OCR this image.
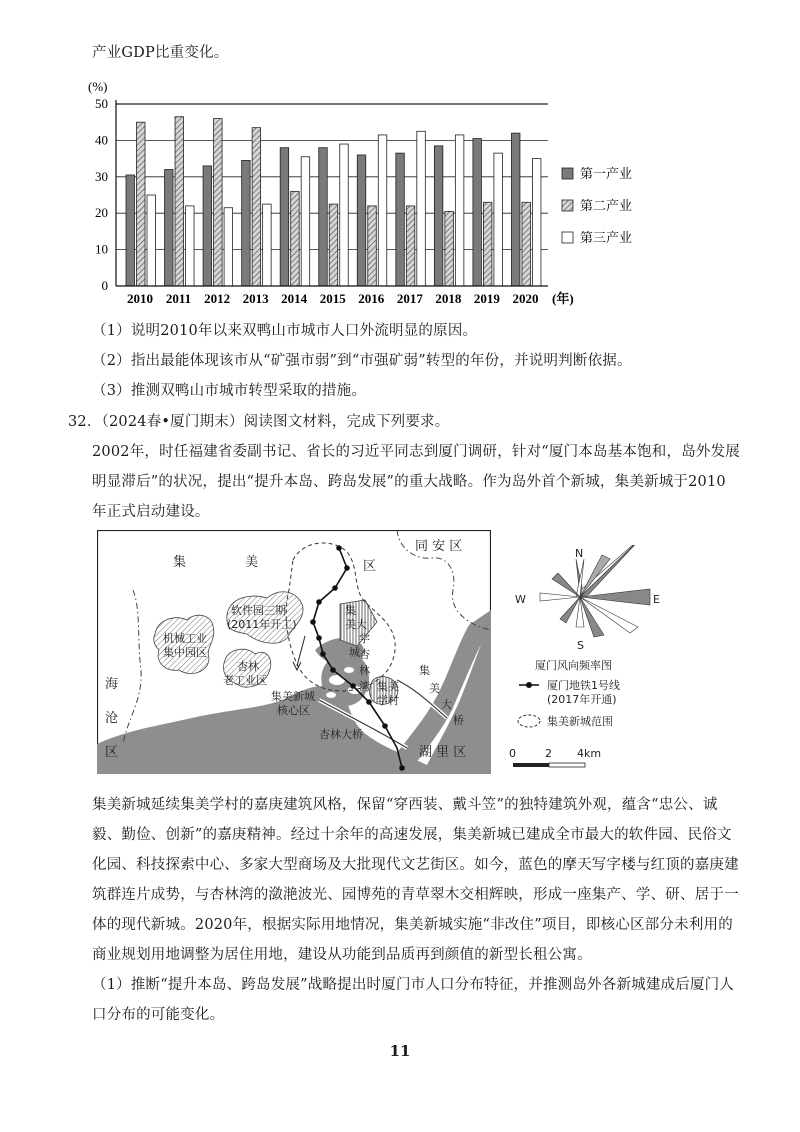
产业GDP比重变化。
0
10
20
30
40
50
2010 2011 2012 2013 2014 2015 2016 2017 2018 2019 2020 (年)
(%)
第一产业
第二产业
第三产业
（1）说明2010年以来双鸭山市城市人口外流明显的原因。
（2）指出最能体现该市从“矿强市弱”到“市强矿弱”转型的年份，并说明判断依据。
（3）推测双鸭山市城市转型采取的措施。
32．（2024春•厦门期末）阅读图文材料，完成下列要求。
2002年，时任福建省委副书记、省长的习近平同志到厦门调研，针对“厦门本岛基本饱和，岛外发展
明显滞后”的状况，提出“提升本岛、跨岛发展”的重大战略。作为岛外首个新城，集美新城于2010
年正式启动建设。
集	美	区
同 安 区
海
沧
区	湖 里 区
软件园三期
(2011年开工)
机械工业
集中园区
杏林
老工业区
集
美大
学
城 杏
林
湾
集美新城
核心区
集美
学村
集
美
大
桥
杏林大桥
N
S
E
W
厦门风向频率图
厦门地铁1号线
(2017年开通)
集美新城范围
0	2 4km
集美新城延续集美学村的嘉庚建筑风格，保留“穿西装、戴斗笠”的独特建筑外观，蕴含“忠公、诚
毅、勤俭、创新”的嘉庚精神。经过十余年的高速发展，集美新城已建成全市最大的软件园、民俗文
化园、科技探索中心、多家大型商场及大批现代文艺街区。如今，蓝色的摩天写字楼与红顶的嘉庚建
筑群连片成势，与杏林湾的潋滟波光、园博苑的青草翠木交相辉映，形成一座集产、学、研、居于一
体的现代新城。2020年，根据实际用地情况，集美新城实施“非改住”项目，即核心区部分未利用的
商业规划用地调整为居住用地，建设从功能到品质再到颜值的新型长租公寓。
（1）推断“提升本岛、跨岛发展”战略提出时厦门市人口分布特征，并推测岛外各新城建成后厦门人
口分布的可能变化。
11
